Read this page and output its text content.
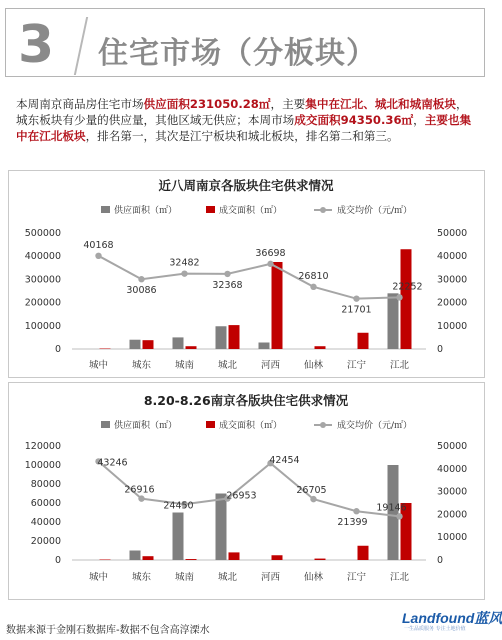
3 住宅市场（分板块）
本周南京商品房住宅市场供应面积231050.28㎡，主要集中在江北、城北和城南板块，城东板块有少量的供应量，其他区域无供应；本周市场成交面积94350.36㎡，主要也集中在江北板块，排名第一，其次是江宁板块和城北板块，排名第二和第三。
近八周南京各版块住宅供求情况
供应面积（㎡）	成交面积（㎡）	成交均价（元/㎡）
0
100000
200000
300000
400000
500000
0
10000
20000
30000
40000
50000
城中	城东	城南	城北	河西	仙林	江宁	江北
40168
30086
32482
32368
36698
26810
21701
22252
8.20-8.26南京各版块住宅供求情况
供应面积（㎡）	成交面积（㎡）	成交均价（元/㎡）
0
20000
40000
60000
80000
100000
120000
0
10000
20000
30000
40000
50000
城中	城东	城南	城北	河西	仙林	江宁	江北
43246
26916
24450
26953
42454
26705
21399
19146
数据来源于金刚石数据库-数据不包含高淳溧水
Landfound蓝风
一生品质服务 专注土地价值
